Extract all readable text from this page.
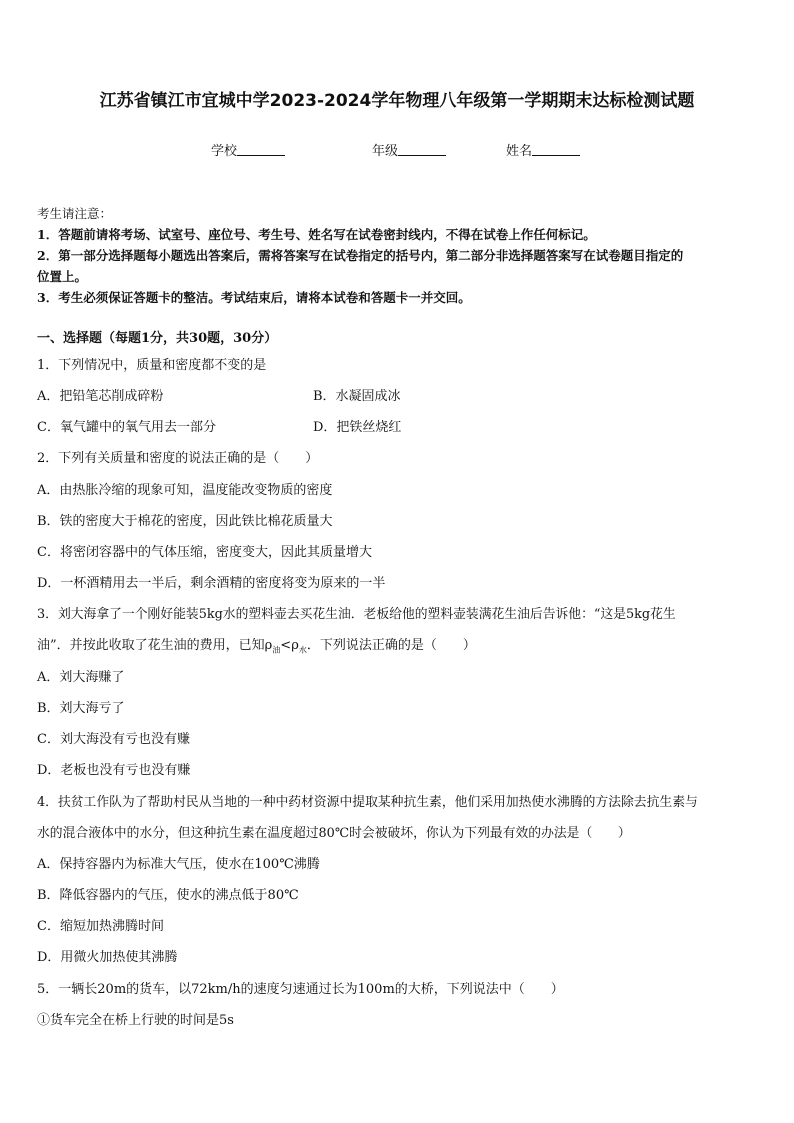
江苏省镇江市宜城中学2023-2024学年物理八年级第一学期期末达标检测试题
学校	年级	姓名
考生请注意：
1．答题前请将考场、试室号、座位号、考生号、姓名写在试卷密封线内，不得在试卷上作任何标记。
2．第一部分选择题每小题选出答案后，需将答案写在试卷指定的括号内，第二部分非选择题答案写在试卷题目指定的
位置上。
3．考生必须保证答题卡的整洁。考试结束后，请将本试卷和答题卡一并交回。
一、选择题（每题1分，共30题，30分）
1．下列情况中，质量和密度都不变的是
A．把铅笔芯削成碎粉	B．水凝固成冰
C．氧气罐中的氧气用去一部分	D．把铁丝烧红
2．下列有关质量和密度的说法正确的是（　　）
A．由热胀冷缩的现象可知，温度能改变物质的密度
B．铁的密度大于棉花的密度，因此铁比棉花质量大
C．将密闭容器中的气体压缩，密度变大，因此其质量增大
D．一杯酒精用去一半后，剩余酒精的密度将变为原来的一半
3．刘大海拿了一个刚好能装5kg水的塑料壶去买花生油．老板给他的塑料壶装满花生油后告诉他：“这是5kg花生
油”．并按此收取了花生油的费用，已知$\rho_油<\rho_水$．下列说法正确的是（　　）
A．刘大海赚了
B．刘大海亏了
C．刘大海没有亏也没有赚
D．老板也没有亏也没有赚
4．扶贫工作队为了帮助村民从当地的一种中药材资源中提取某种抗生素，他们采用加热使水沸腾的方法除去抗生素与
水的混合液体中的水分，但这种抗生素在温度超过80℃时会被破坏，你认为下列最有效的办法是（　　）
A．保持容器内为标准大气压，使水在100℃沸腾
B．降低容器内的气压，使水的沸点低于80℃
C．缩短加热沸腾时间
D．用微火加热使其沸腾
5．一辆长20m的货车，以72km/h的速度匀速通过长为100m的大桥，下列说法中（　　）
①货车完全在桥上行驶的时间是5s
